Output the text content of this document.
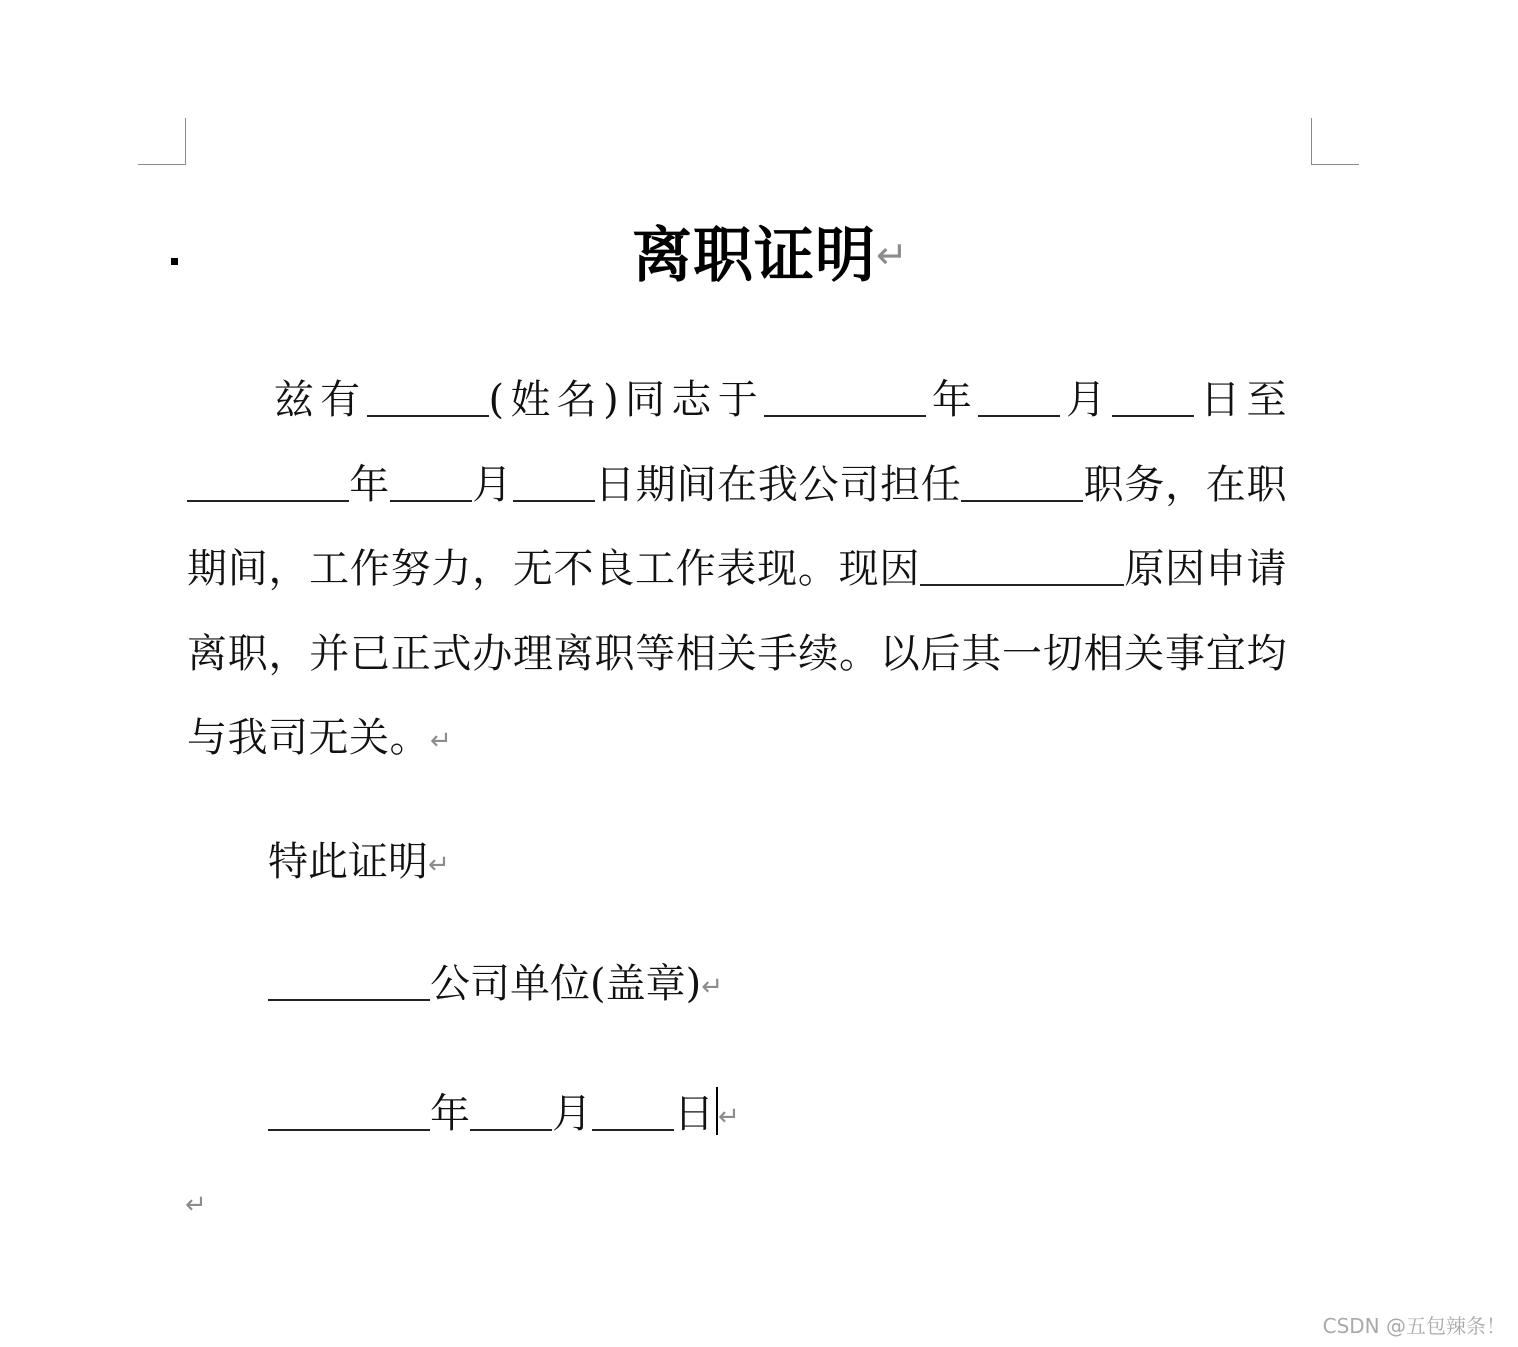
离职证明↵
兹有	(姓名)同志于	年 月 日至 年 月 日期间在我公司担任	职务，在职期间，工作努力，无不良工作表现。现因	原因申请离职，并已正式办理离职等相关手续。以后其一切相关事宜均与我司无关。↵
特此证明↵
公司单位(盖章)↵
年 月 日 ↵
↵
CSDN @五包辣条！
